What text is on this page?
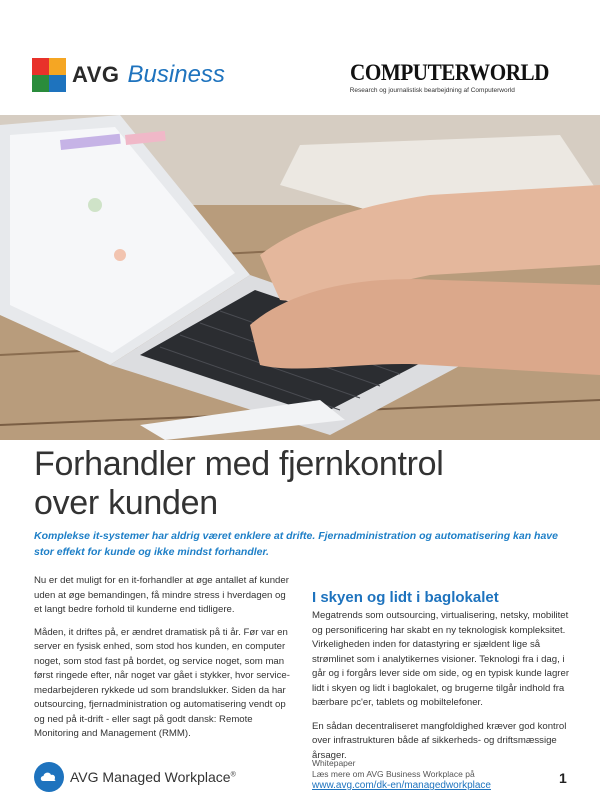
AVG Business	COMPUTERWORLD
Research og journalistisk bearbejdning af Computerworld
Forhandler med fjernkontrol
over kunden
Komplekse it-systemer har aldrig været enklere at drifte. Fjernadministration og automatisering kan have stor effekt for kunde og ikke mindst forhandler.

Nu er det muligt for en it-forhandler at øge antallet af kunder uden at øge bemandingen, få mindre stress i hverdagen og et langt bedre forhold til kunderne end tidligere.

Måden, it driftes på, er ændret dramatisk på ti år. Før var en server en fysisk enhed, som stod hos kunden, en computer noget, som stod fast på bordet, og service noget, som man først ringede efter, når noget var gået i stykker, hvor service-medarbejderen rykkede ud som brandslukker. Siden da har outsourcing, fjernadministration og automatisering vendt op og ned på it-drift - eller sagt på godt dansk: Remote Monitoring and Management (RMM).

I skyen og lidt i baglokalet

Megatrends som outsourcing, virtualisering, netsky, mobilitet og personificering har skabt en ny teknologisk kompleksitet. Virkeligheden inden for datastyring er sjældent lige så strømlinet som i analytikernes visioner. Teknologi fra i dag, i går og i forgårs lever side om side, og en typisk kunde lagrer lidt i skyen og lidt i baglokalet, og brugerne tilgår indhold fra bærbare pc'er, tablets og mobiltelefoner.

En sådan decentraliseret mangfoldighed kræver god kontrol over infrastrukturen både af sikkerheds- og driftsmæssige årsager.

AVG Managed Workplace®
Whitepaper
Læs mere om AVG Business Workplace på
www.avg.com/dk-en/managedworkplace	1
